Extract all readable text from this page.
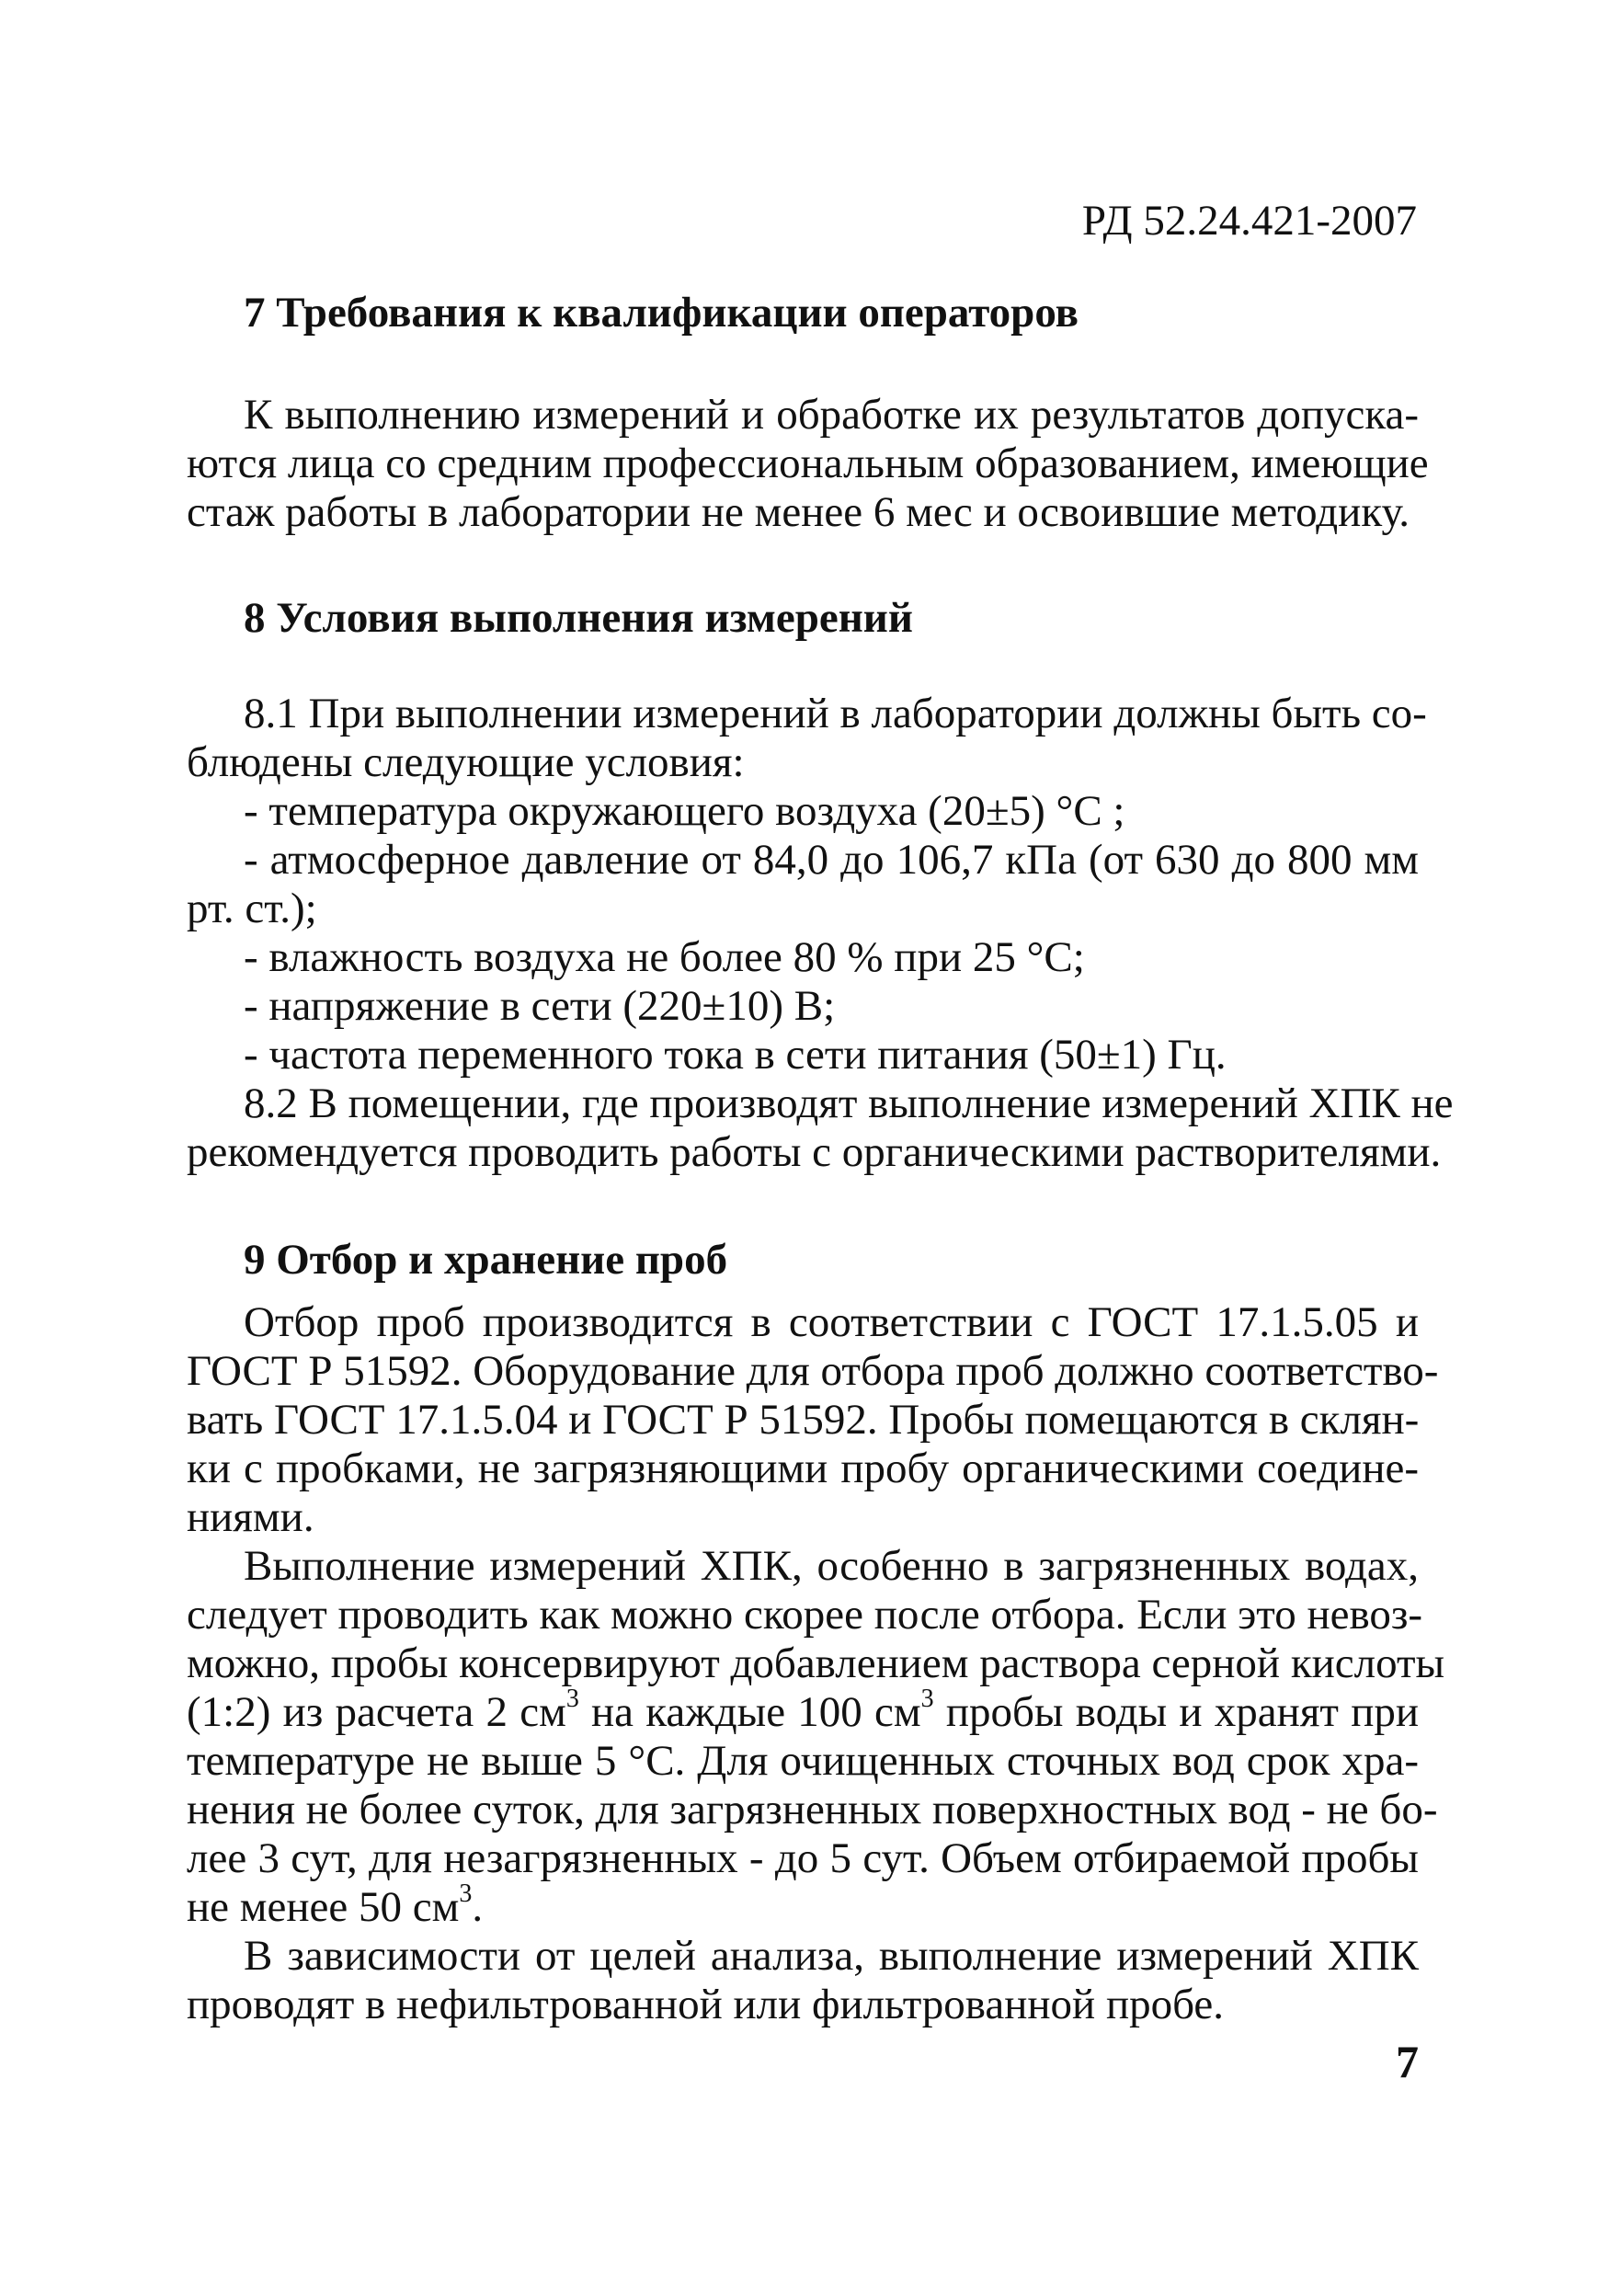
РД 52.24.421-2007
7 Требования к квалификации операторов
К выполнению измерений и обработке их результатов допуска-
ются лица со средним профессиональным образованием, имеющие
стаж работы в лаборатории не менее 6 мес и освоившие методику.
8 Условия выполнения измерений
8.1 При выполнении измерений в лаборатории должны быть со-
блюдены следующие условия:
- температура окружающего воздуха (20±5) °С ;
- атмосферное давление от 84,0 до 106,7 кПа (от 630 до 800 мм
рт. ст.);
- влажность воздуха не более 80 % при 25 °С;
- напряжение в сети (220±10) В;
- частота переменного тока в сети питания (50±1) Гц.
8.2 В помещении, где производят выполнение измерений ХПК не
рекомендуется проводить работы с органическими растворителями.
9 Отбор и хранение проб
Отбор проб производится в соответствии с ГОСТ 17.1.5.05 и
ГОСТ Р 51592. Оборудование для отбора проб должно соответство-
вать ГОСТ 17.1.5.04 и ГОСТ Р 51592. Пробы помещаются в склян-
ки с пробками, не загрязняющими пробу органическими соедине-
ниями.
Выполнение измерений ХПК, особенно в загрязненных водах,
следует проводить как можно скорее после отбора. Если это невоз-
можно, пробы консервируют добавлением раствора серной кислоты
(1:2) из расчета 2 $см^3$ на каждые 100 $см^3$ пробы воды и хранят при
температуре не выше 5 °С. Для очищенных сточных вод срок хра-
нения не более суток, для загрязненных поверхностных вод - не бо-
лее 3 сут, для незагрязненных - до 5 сут. Объем отбираемой пробы
не менее 50 $см^3$.
В зависимости от целей анализа, выполнение измерений ХПК
проводят в нефильтрованной или фильтрованной пробе.
7
